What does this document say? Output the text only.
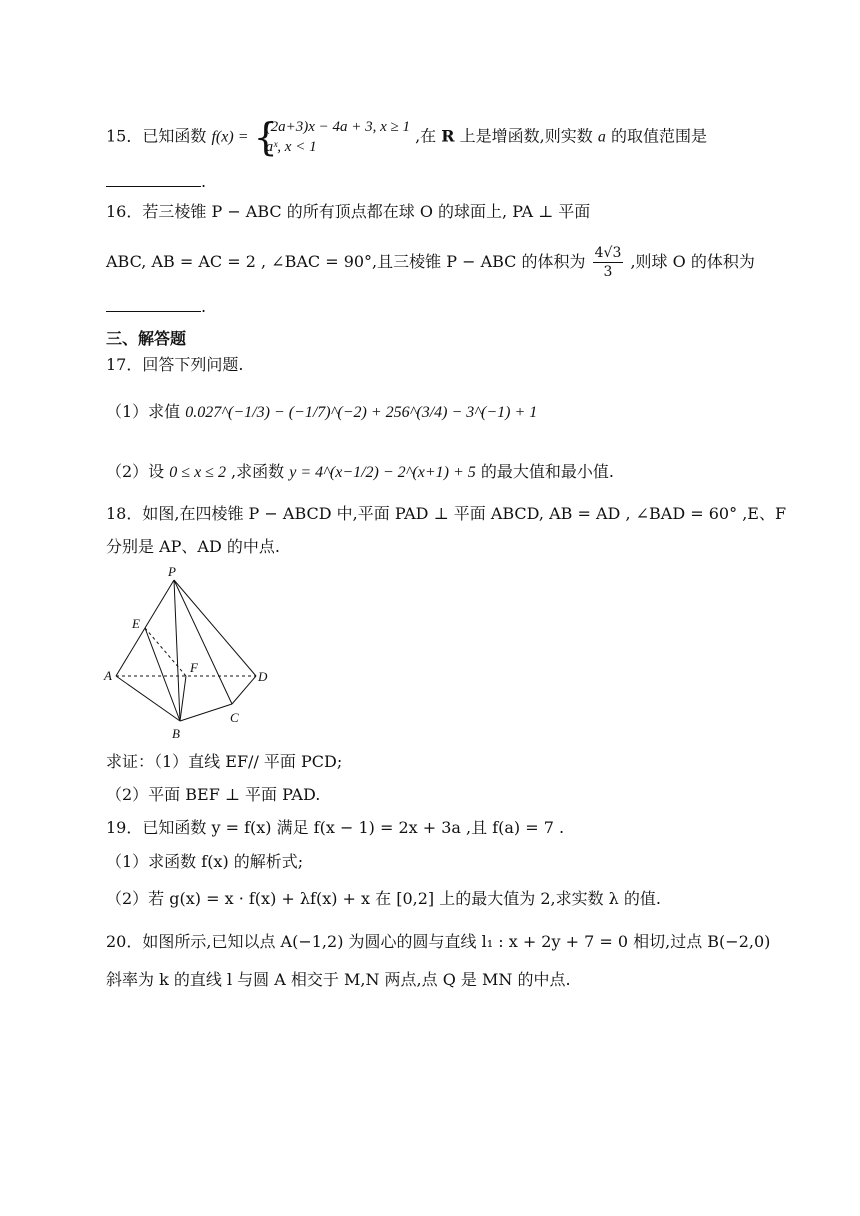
15．已知函数 f(x) = {
(2a+3)x − 4a + 3, x ≥ 1
aˣ, x < 1
,在 R 上是增函数,则实数 a 的取值范围是
.
16．若三棱锥 P − ABC 的所有顶点都在球 O 的球面上, PA ⊥ 平面
ABC, AB = AC = 2 , ∠BAC = 90°,且三棱锥 P − ABC 的体积为 $\frac{4√3}{3}$ ,则球 O 的体积为
.
三、解答题
17．回答下列问题.
（1）求值 0.027^(−1/3) − (−1/7)^(−2) + 256^(3/4) − 3^(−1) + 1
（2）设 0 ≤ x ≤ 2 ,求函数 y = 4^(x−1/2) − 2^(x+1) + 5 的最大值和最小值.
18．如图,在四棱锥 P − ABCD 中,平面 PAD ⊥ 平面 ABCD, AB = AD , ∠BAD = 60° ,E、F
分别是 AP、AD 的中点.
P
E
A
F
D
B
C
求证：（1）直线 EF// 平面 PCD;
（2）平面 BEF ⊥ 平面 PAD.
19．已知函数 y = f(x) 满足 f(x − 1) = 2x + 3a ,且 f(a) = 7 .
（1）求函数 f(x) 的解析式;
（2）若 g(x) = x · f(x) + λf(x) + x 在 [0,2] 上的最大值为 2,求实数 λ 的值.
20．如图所示,已知以点 A(−1,2) 为圆心的圆与直线 l₁ : x + 2y + 7 = 0 相切,过点 B(−2,0)
斜率为 k 的直线 l 与圆 A 相交于 M,N 两点,点 Q 是 MN 的中点.
